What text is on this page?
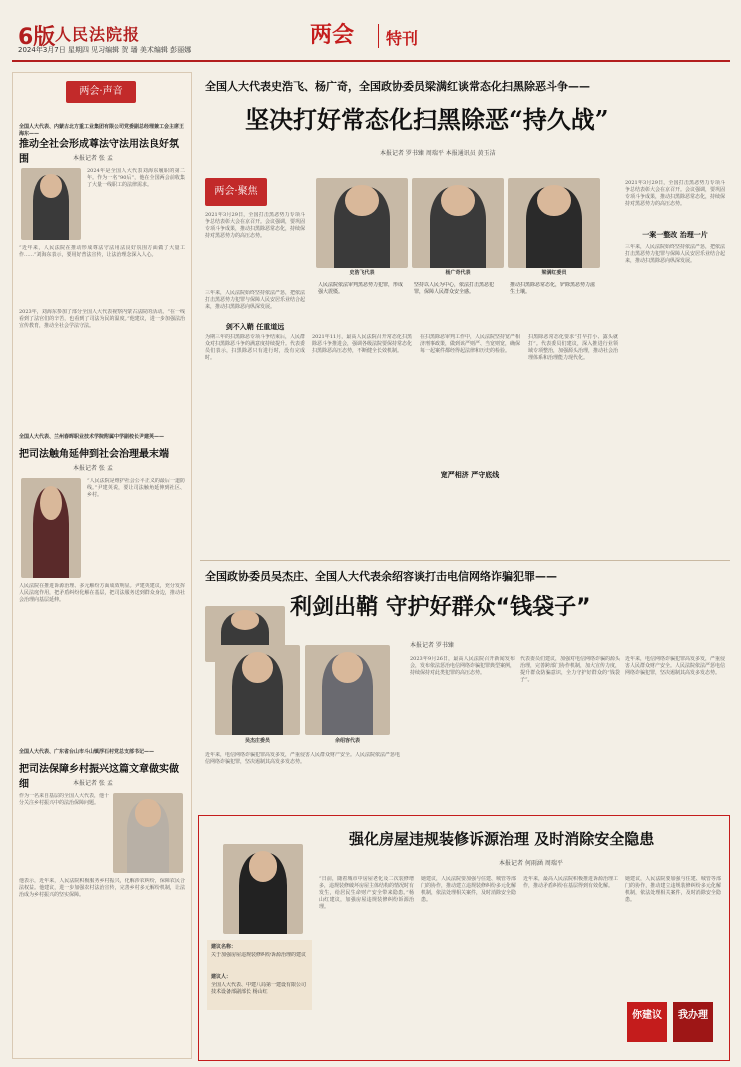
6版 人民法院报
2024年3月7日 星期四 见习编辑 贺 璠 美术编辑 彭丽娜
两会 特刊
两会·声音
全国人大代表、内蒙古北方重工业集团有限公司党委副总经理兼工会主席王海东——
推动全社会形成尊法守法用法良好氛围	本报记者 张 孟
2024年是全国人大代表刘海东履职的第二年。作为一名“90后”，他在全国两会前收集了大量一线职工的法律需求。
“近年来，人民法院在推动形成尊法守法用法良好氛围方面做了大量工作……”刘海东表示，要用好普法宣传，让法治理念深入人心。
2023年，刘海东参加了部分全国人大代表视察内蒙古法院的活动。“在一线看到了法官们的辛苦，也看到了司法为民的温度。”他建议，进一步加强法治宣传教育，推动全社会学法守法。
全国人大代表、兰州春晖职业技术学院附属中学副校长尹建英——
把司法触角延伸到社会治理最末端
本报记者 张 孟
“人民法院是维护社会公平正义的最后一道防线。”尹建英说，要让司法触角延伸到社区、乡村。
人民法院在推进诉源治理、多元解纷方面成效明显。尹建英建议，充分发挥人民法庭作用，把矛盾纠纷化解在基层，把司法服务送到群众身边，推动社会治理向基层延伸。
全国人大代表、广东省台山市斗山镇浮石村党总支部书记——
把司法保障乡村振兴这篇文章做实做细	本报记者 张 孟
作为一名来自基层的全国人大代表，他十分关注乡村振兴中的法治保障问题。
他表示，近年来，人民法院积极服务乡村振兴，化解涉农纠纷，保障农民合法权益。他建议，进一步加强农村法治宣传，完善乡村多元解纷机制，让法治成为乡村振兴的坚实保障。
全国人大代表史浩飞、杨广奇，全国政协委员梁满红谈常态化扫黑除恶斗争——
坚决打好常态化扫黑除恶“持久战”
本报记者 罗书臻 周瑞平 本报通讯员 黄玉洁
两会·聚焦
2021年3月29日，全国打击黑恶势力专项斗争总结表彰大会在京召开。会议强调，要巩固专项斗争成果，推动扫黑除恶常态化，持续保持对黑恶势力的高压态势。
三年来，人民法院始终坚持依法严惩，把依法打击黑恶势力犯罪与保障人民安居乐业结合起来，推动扫黑除恶向纵深发展。
史浩飞代表	杨广奇代表	梁满红委员
人民法院依法审判黑恶势力犯罪，形成强大震慑。
坚持以人民为中心，依法打击黑恶犯罪，保障人民群众安全感。
推动扫黑除恶常态化，铲除黑恶势力滋生土壤。
剑不入鞘 任重道远
为期三年的扫黑除恶专项斗争结束后，人民群众对扫黑除恶斗争的满意度持续提升。代表委员们表示，扫黑除恶只有进行时，没有完成时。
2021年11月，最高人民法院召开常态化扫黑除恶斗争推进会，强调各级法院要保持常态化扫黑除恶高压态势，不断健全长效机制。
宽严相济 严守底线
在扫黑除恶审判工作中，人民法院坚持宽严相济刑事政策，做到该严则严、当宽则宽，确保每一起案件都经得起法律和历史的检验。
扫黑除恶常态化要求“打早打小、露头就打”。代表委员们建议，深入推进行业领域专项整治，加强源头治理，推动社会治理体系和治理能力现代化。
一案一整改 治理一片
2021年3月29日，全国打击黑恶势力专项斗争总结表彰大会在京召开。会议强调，要巩固专项斗争成果，推动扫黑除恶常态化，持续保持对黑恶势力的高压态势。
三年来，人民法院始终坚持依法严惩，把依法打击黑恶势力犯罪与保障人民安居乐业结合起来，推动扫黑除恶向纵深发展。
全国政协委员吴杰庄、全国人大代表余绍容谈打击电信网络诈骗犯罪——
利剑出鞘 守护好群众“钱袋子”
本报记者 罗书臻
吴杰庄委员	余绍容代表
近年来，电信网络诈骗犯罪高发多发，严重侵害人民群众财产安全。人民法院依法严惩电信网络诈骗犯罪，坚决遏制其高发多发态势。
2023年9月26日，最高人民法院召开新闻发布会，发布依法惩治电信网络诈骗犯罪典型案例，持续保持对此类犯罪的高压态势。
代表委员们建议，加强对电信网络诈骗的源头治理，完善跨部门协作机制，加大宣传力度，提升群众防骗意识，全力守护好群众的“钱袋子”。
近年来，电信网络诈骗犯罪高发多发，严重侵害人民群众财产安全。人民法院依法严惩电信网络诈骗犯罪，坚决遏制其高发多发态势。
强化房屋违规装修诉源治理 及时消除安全隐患
本报记者 何雨涵 周瑞平
建议名称：
关于加强房屋违规装修纠纷诉源治理的建议
建议人：
全国人大代表、中建八局第一建设有限公司技术设备部副部长 杨山红
“日前，随着城市中房屋老化及二次装修增多，违规装修破坏房屋主体结构的情况时有发生，给居民生命财产安全带来隐患。”杨山红建议，加强房屋违规装修纠纷诉源治理。
她建议，人民法院要加强与住建、城管等部门的协作，推动建立违规装修纠纷多元化解机制，依法处理相关案件，及时消除安全隐患。
近年来，最高人民法院积极推进诉源治理工作，推动矛盾纠纷在基层得到有效化解。
她建议，人民法院要加强与住建、城管等部门的协作，推动建立违规装修纠纷多元化解机制，依法处理相关案件，及时消除安全隐患。
你建议	我办理
